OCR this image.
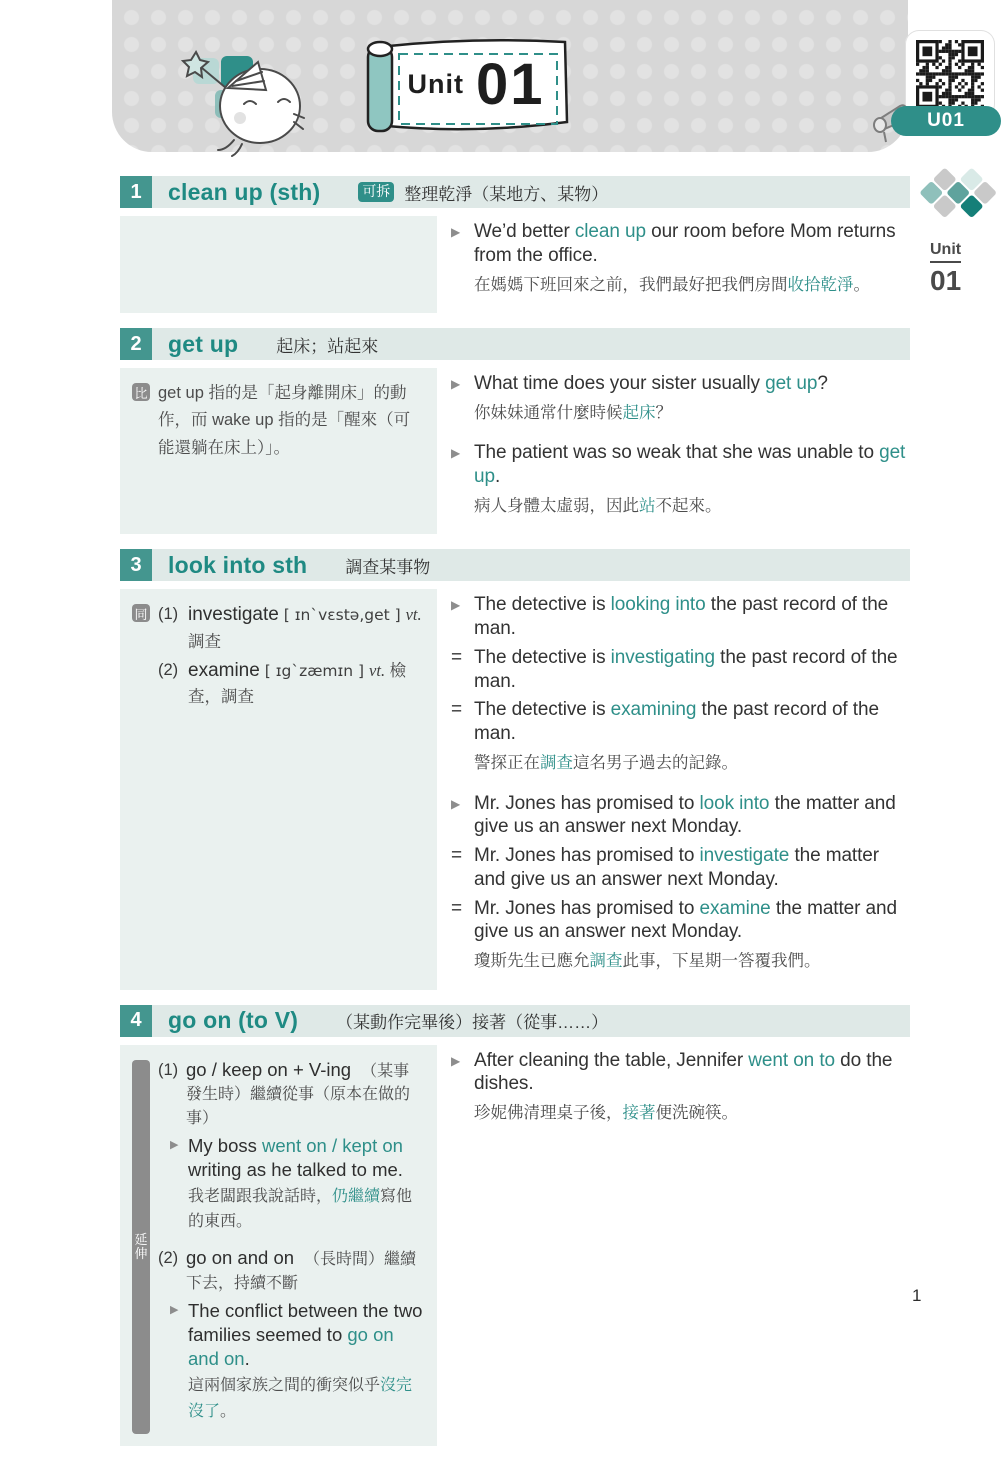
Unit 01
U01
Unit
01
1	clean up (sth)	可拆 整理乾淨（某地方、某物）
▶ We’d better clean up our room before Mom returns from the office.
在媽媽下班回來之前，我們最好把我們房間收拾乾淨。
2	get up 起床；站起來
比 get up 指的是「起身離開床」的動作，而 wake up 指的是「醒來（可能還躺在床上）」。
▶ What time does your sister usually get up?
你妹妹通常什麼時候起床？
▶ The patient was so weak that she was unable to get up.
病人身體太虛弱，因此站不起來。
3	look into sth 調查某事物
同 (1) investigate [ ɪnˋvɛstə,get ] vt. 調查
(2) examine [ ɪgˋzæmɪn ] vt. 檢查，調查
▶ The detective is looking into the past record of the man.
= The detective is investigating the past record of the man.
= The detective is examining the past record of the man.
警探正在調查這名男子過去的記錄。
▶ Mr. Jones has promised to look into the matter and give us an answer next Monday.
= Mr. Jones has promised to investigate the matter and give us an answer next Monday.
= Mr. Jones has promised to examine the matter and give us an answer next Monday.
瓊斯先生已應允調查此事，下星期一答覆我們。
4	go on (to V) （某動作完畢後）接著（從事……）
延
伸
(1) go / keep on + V-ing （某事發生時）繼續從事（原本在做的事）
▶ My boss went on / kept on writing as he talked to me.
我老闆跟我說話時，仍繼續寫他的東西。
(2) go on and on （長時間）繼續下去，持續不斷
▶ The conflict between the two families seemed to go on and on.
這兩個家族之間的衝突似乎沒完沒了。
▶ After cleaning the table, Jennifer went on to do the dishes.
珍妮佛清理桌子後，接著便洗碗筷。
1
